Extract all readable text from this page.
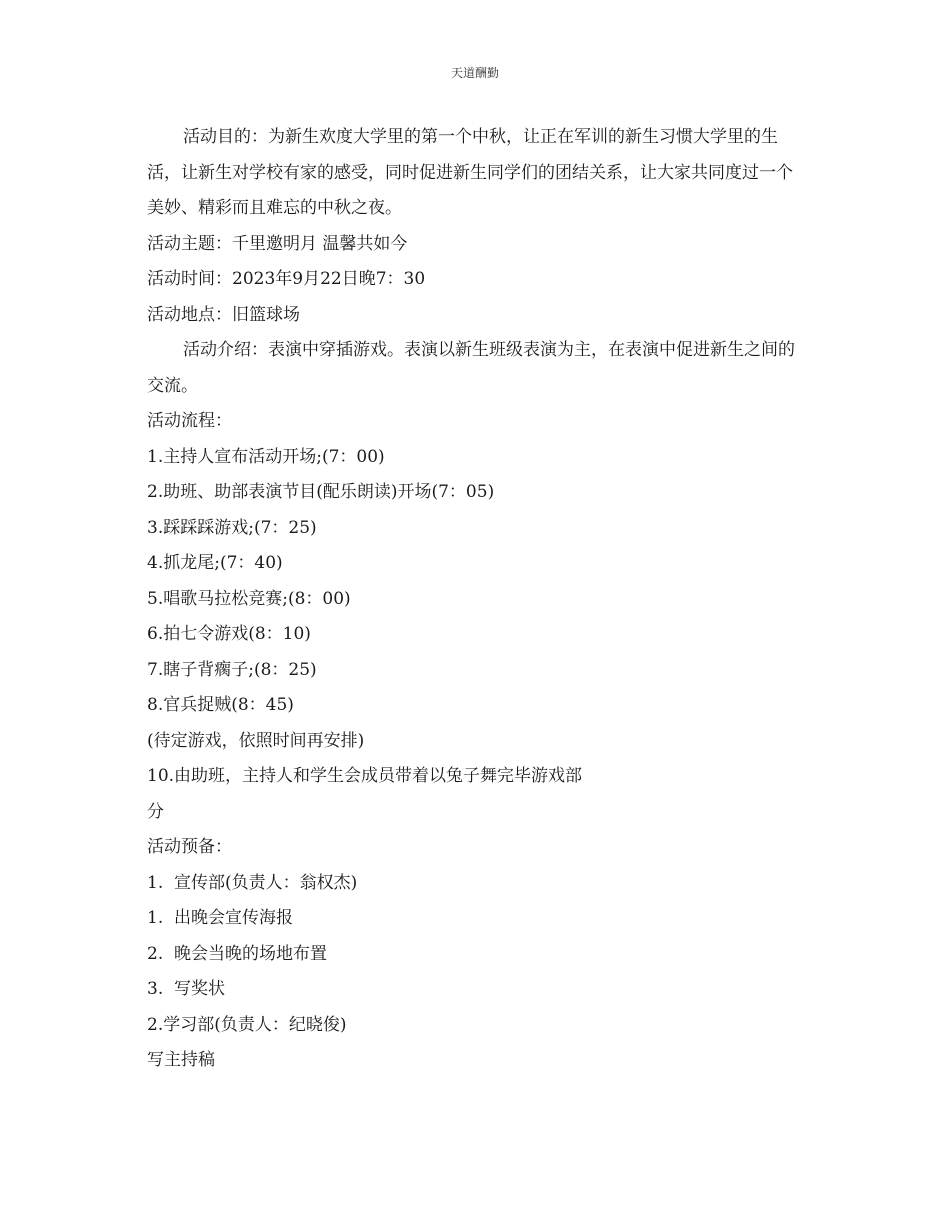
天道酬勤

活动目的：为新生欢度大学里的第一个中秋，让正在军训的新生习惯大学里的生活，让新生对学校有家的感受，同时促进新生同学们的团结关系，让大家共同度过一个美妙、精彩而且难忘的中秋之夜。

活动主题：千里邀明月 温馨共如今

活动时间：2023年9月22日晚7：30

活动地点：旧篮球场

活动介绍：表演中穿插游戏。表演以新生班级表演为主，在表演中促进新生之间的交流。

活动流程：

1.主持人宣布活动开场;(7：00)

2.助班、助部表演节目(配乐朗读)开场(7：05)

3.踩踩踩游戏;(7：25)

4.抓龙尾;(7：40)

5.唱歌马拉松竞赛;(8：00)

6.拍七令游戏(8：10)

7.瞎子背瘸子;(8：25)

8.官兵捉贼(8：45)

(待定游戏，依照时间再安排)

10.由助班，主持人和学生会成员带着以兔子舞完毕游戏部

分

活动预备：

1.  宣传部(负责人：翁权杰)

1.  出晚会宣传海报

2.  晚会当晚的场地布置

3.  写奖状

2.学习部(负责人：纪晓俊)

写主持稿
